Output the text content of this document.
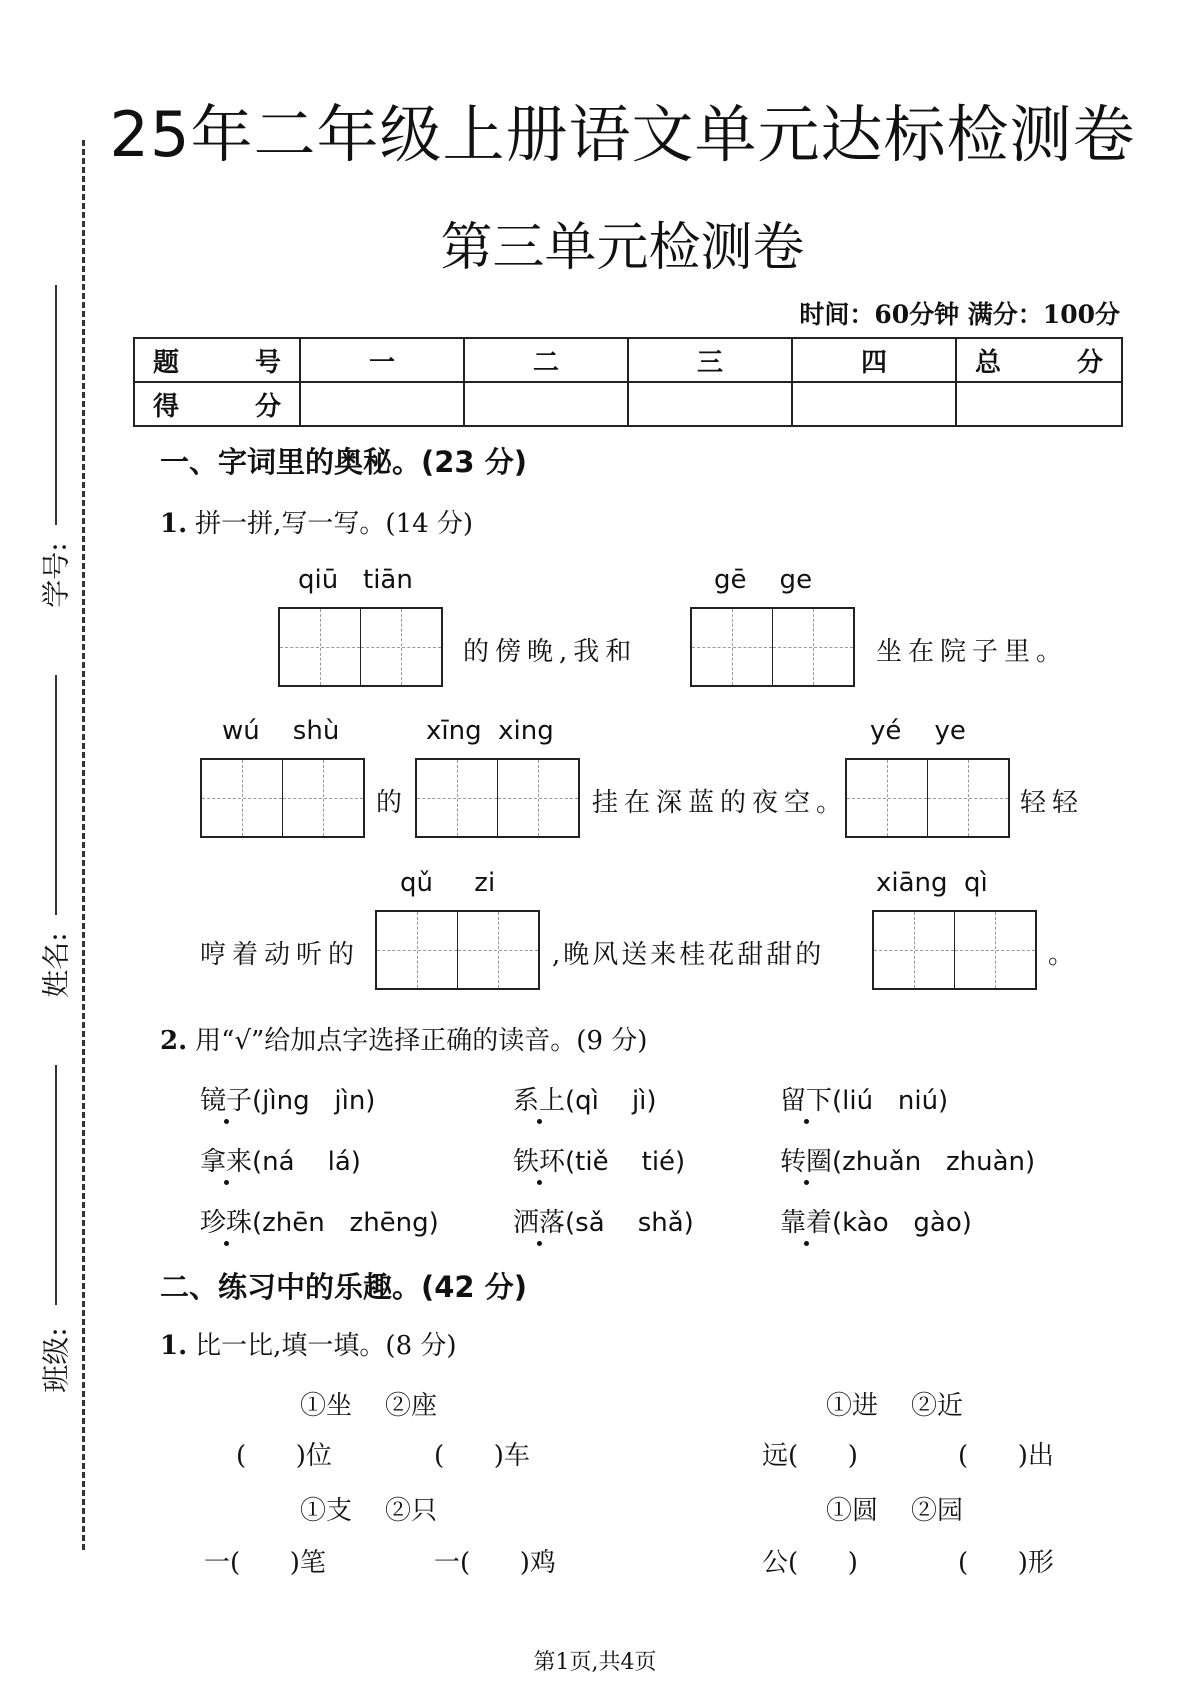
学号:
姓名:
班级:
25年二年级上册语文单元达标检测卷
第三单元检测卷
时间：60分钟 满分：100分
题 号	一	二	三	四	总 分
得 分					
一、字词里的奥秘。(23 分)
1. 拼一拼,写一写。(14 分)
qiū   tiān
的傍晚,我和
gē    ge
坐在院子里。
wú    shù
的
xīng  xing
挂在深蓝的夜空。
yé    ye
轻轻
哼着动听的
qǔ     zi
,晚风送来桂花甜甜的
xiāng  qì
。
2. 用“√”给加点字选择正确的读音。(9 分)
镜子(jìng   jìn)	系上(qì    jì)	留下(liú   niú)
拿来(ná    lá)	铁环(tiě    tié)	转圈(zhuǎn   zhuàn)
珍珠(zhēn   zhēng)	洒落(sǎ    shǎ)	靠着(kào   gào)
二、练习中的乐趣。(42 分)
1. 比一比,填一填。(8 分)
①坐    ②座
(      )位	(      )车
①进    ②近
远(      )	(      )出
①支    ②只
一(      )笔	一(      )鸡
①圆    ②园
公(      )	(      )形
第1页,共4页
